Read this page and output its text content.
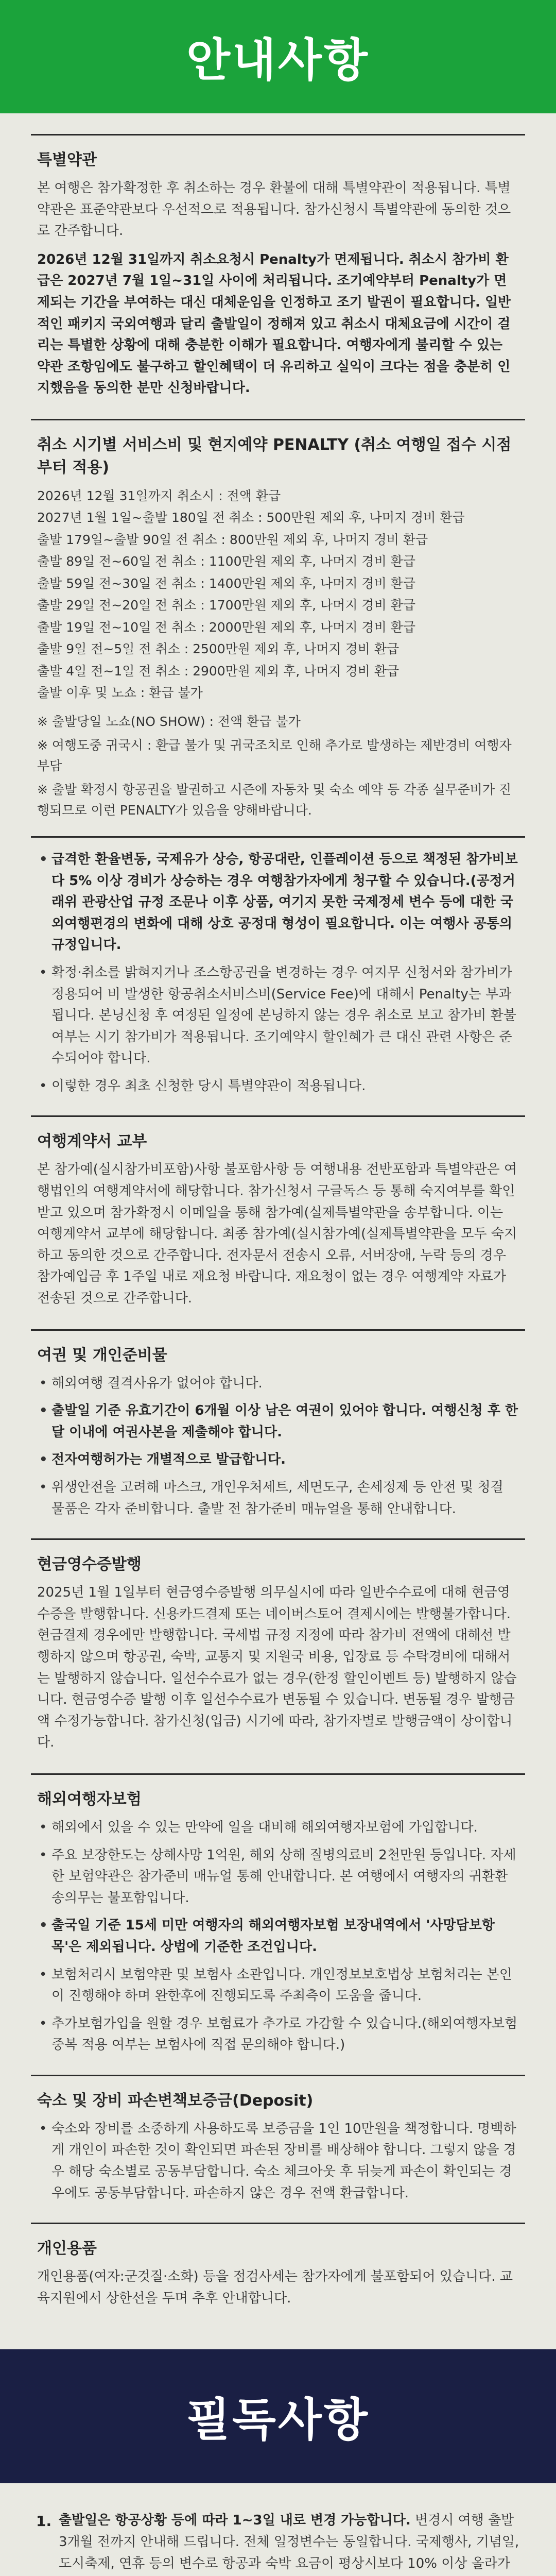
안내사항
특별약관

본 여행은 참가확정한 후 취소하는 경우 환불에 대해 특별약관이 적용됩니다. 특별약관은 표준약관보다 우선적으로 적용됩니다. 참가신청시 특별약관에 동의한 것으로 간주합니다.

2026년 12월 31일까지 취소요청시 Penalty가 면제됩니다. 취소시 참가비 환급은 2027년 7월 1일~31일 사이에 처리됩니다. 조기예약부터 Penalty가 면제되는 기간을 부여하는 대신 대체운임을 인정하고 조기 발권이 필요합니다. 일반적인 패키지 국외여행과 달리 출발일이 정해져 있고 취소시 대체요금에 시간이 걸리는 특별한 상황에 대해 충분한 이해가 필요합니다. 여행자에게 불리할 수 있는 약관 조항임에도 불구하고 할인혜택이 더 유리하고 실익이 크다는 점을 충분히 인지했음을 동의한 분만 신청바랍니다.

취소 시기별 서비스비 및 현지예약 PENALTY (취소 여행일 접수 시점부터 적용)
2026년 12월 31일까지 취소시 : 전액 환급
2027년 1월 1일~출발 180일 전 취소 : 500만원 제외 후, 나머지 경비 환급
출발 179일~출발 90일 전 취소 : 800만원 제외 후, 나머지 경비 환급
출발 89일 전~60일 전 취소 : 1100만원 제외 후, 나머지 경비 환급
출발 59일 전~30일 전 취소 : 1400만원 제외 후, 나머지 경비 환급
출발 29일 전~20일 전 취소 : 1700만원 제외 후, 나머지 경비 환급
출발 19일 전~10일 전 취소 : 2000만원 제외 후, 나머지 경비 환급
출발 9일 전~5일 전 취소 : 2500만원 제외 후, 나머지 경비 환급
출발 4일 전~1일 전 취소 : 2900만원 제외 후, 나머지 경비 환급
출발 이후 및 노쇼 : 환급 불가

※ 출발당일 노쇼(NO SHOW) : 전액 환급 불가

※ 여행도중 귀국시 : 환급 불가 및 귀국조치로 인해 추가로 발생하는 제반경비 여행자 부담

※ 출발 확정시 항공권을 발권하고 시즌에 자동차 및 숙소 예약 등 각종 실무준비가 진행되므로 이런 PENALTY가 있음을 양해바랍니다.

• 급격한 환율변동, 국제유가 상승, 항공대란, 인플레이션 등으로 책정된 참가비보다 5% 이상 경비가 상승하는 경우 여행참가자에게 청구할 수 있습니다.(공정거래위 관광산업 규정 조문나 이후 상품, 여기지 못한 국제정세 변수 등에 대한 국외여행편경의 변화에 대해 상호 공정대 형성이 필요합니다. 이는 여행사 공통의 규정입니다.
• 확정·취소를 밝혀지거나 조스항공권을 변경하는 경우 여지무 신청서와 참가비가 정용되어 비 발생한 항공취소서비스비(Service Fee)에 대해서 Penalty는 부과됩니다. 본닝신청 후 여정된 일정에 본닝하지 않는 경우 취소로 보고 참가비 환불 여부는 시기 참가비가 적용됩니다. 조기예약시 할인혜가 큰 대신 관련 사항은 준수되어야 합니다.
• 이렇한 경우 최초 신청한 당시 특별약관이 적용됩니다.
여행계약서 교부

본 참가예(실시참가비포함)사항 불포함사항 등 여행내용 전반포함과 특별약관은 여행법인의 여행계약서에 해당합니다. 참가신청서 구글독스 등 통해 숙지여부를 확인받고 있으며 참가확정시 이메일을 통해 참가예(실제특별약관을 송부합니다. 이는 여행계약서 교부에 해당합니다. 최종 참가예(실시참가예(실제특별약관을 모두 숙지하고 동의한 것으로 간주합니다. 전자문서 전송시 오류, 서버장애, 누락 등의 경우 참가예입금 후 1주일 내로 재요청 바랍니다. 재요청이 없는 경우 여행계약 자료가 전송된 것으로 간주합니다.

여권 및 개인준비물
• 해외여행 결격사유가 없어야 합니다.
• 출발일 기준 유효기간이 6개월 이상 남은 여권이 있어야 합니다. 여행신청 후 한달 이내에 여권사본을 제출해야 합니다.
• 전자여행허가는 개별적으로 발급합니다.
• 위생안전을 고려해 마스크, 개인우처세트, 세면도구, 손세정제 등 안전 및 청결 물품은 각자 준비합니다. 출발 전 참가준비 매뉴얼을 통해 안내합니다.
현금영수증발행

2025년 1월 1일부터 현금영수증발행 의무실시에 따라 일반수수료에 대해 현금영수증을 발행합니다. 신용카드결제 또는 네이버스토어 결제시에는 발행불가합니다. 현금결제 경우에만 발행합니다. 국세법 규정 지정에 따라 참가비 전액에 대해선 발행하지 않으며 항공권, 숙박, 교통지 및 지원국 비용, 입장료 등 수탁경비에 대해서는 발행하지 않습니다. 일선수수료가 없는 경우(한정 할인이벤트 등) 발행하지 않습니다. 현금영수증 발행 이후 일선수수료가 변동될 수 있습니다. 변동될 경우 발행금액 수정가능합니다. 참가신청(입금) 시기에 따라, 참가자별로 발행금액이 상이합니다.

해외여행자보험
• 해외에서 있을 수 있는 만약에 일을 대비해 해외여행자보험에 가입합니다.
• 주요 보장한도는 상해사망 1억원, 해외 상해 질병의료비 2천만원 등입니다. 자세한 보험약관은 참가준비 매뉴얼 통해 안내합니다. 본 여행에서 여행자의 귀환환송의무는 불포함입니다.
• 출국일 기준 15세 미만 여행자의 해외여행자보험 보장내역에서 '사망담보항목'은 제외됩니다. 상법에 기준한 조건입니다.
• 보험처리시 보험약관 및 보험사 소관입니다. 개인정보보호법상 보험처리는 본인이 진행해야 하며 완한후에 진행되도록 주최측이 도움을 줍니다.
• 추가보험가입을 원할 경우 보험료가 추가로 가감할 수 있습니다.(해외여행자보험 중복 적용 여부는 보험사에 직접 문의해야 합니다.)
숙소 및 장비 파손변책보증금(Deposit)
• 숙소와 장비를 소중하게 사용하도록 보증금을 1인 10만원을 책정합니다. 명백하게 개인이 파손한 것이 확인되면 파손된 장비를 배상해야 합니다. 그렇지 않을 경우 해당 숙소별로 공동부담합니다. 숙소 체크아웃 후 뒤늦게 파손이 확인되는 경우에도 공동부담합니다. 파손하지 않은 경우 전액 환급합니다.
개인용품

개인용품(여자:군것질·소화) 등을 점검사세는 참가자에게 불포함되어 있습니다. 교육지원에서 상한선을 두며 추후 안내합니다.

필독사항
1. 출발일은 항공상황 등에 따라 1~3일 내로 변경 가능합니다. 변경시 여행 출발 3개월 전까지 안내해 드립니다. 전체 일정변수는 동일합니다. 국제행사, 기념일, 도시축제, 연휴 등의 변수로 항공과 숙박 요금이 평상시보다 10% 이상 올라가
